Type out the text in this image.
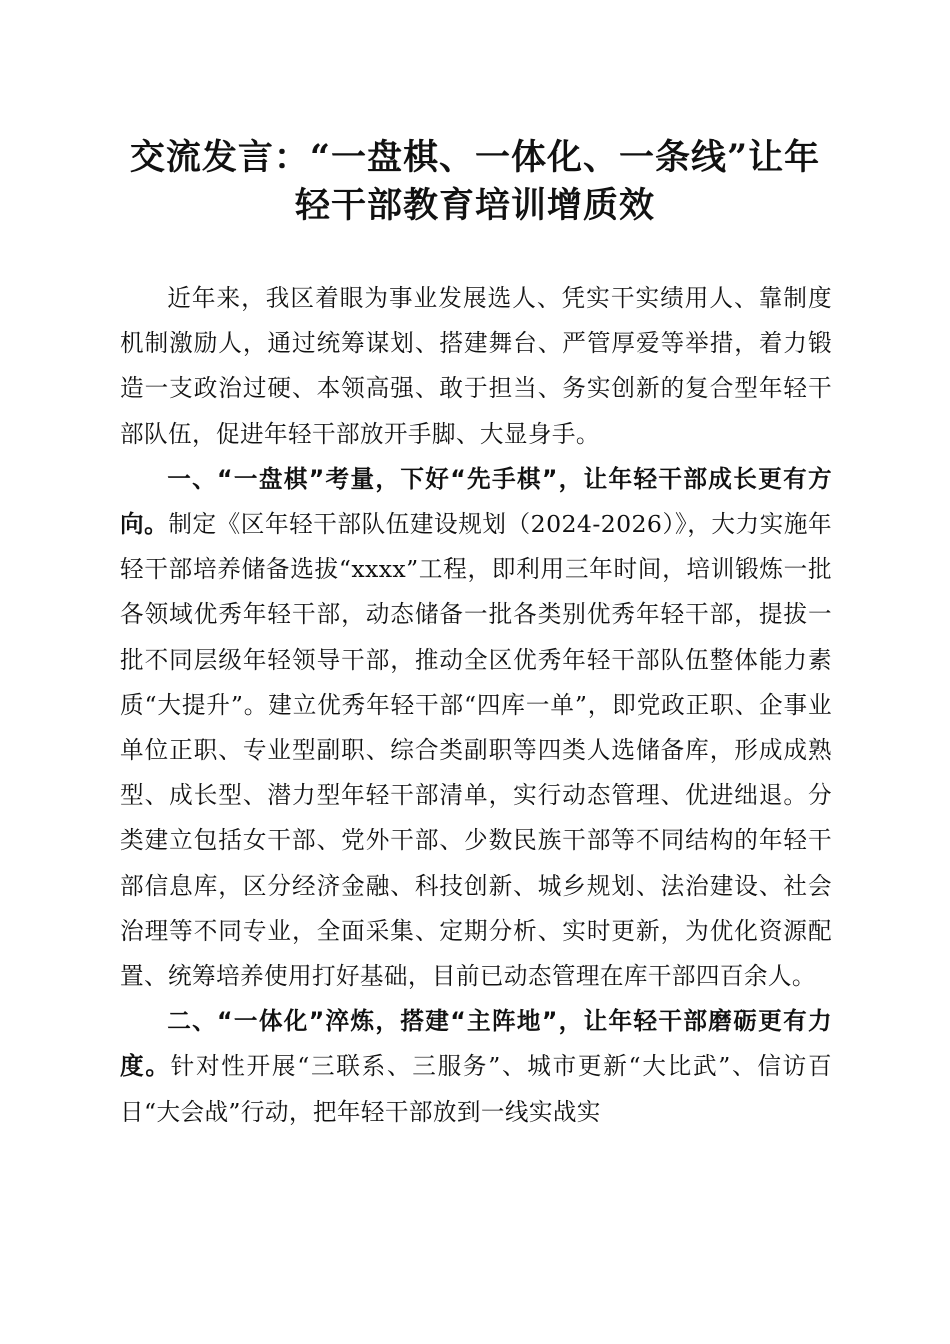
交流发言：“一盘棋、一体化、一条线”让年
轻干部教育培训增质效

近年来，我区着眼为事业发展选人、凭实干实绩用人、靠制度机制激励人，通过统筹谋划、搭建舞台、严管厚爱等举措，着力锻造一支政治过硬、本领高强、敢于担当、务实创新的复合型年轻干部队伍，促进年轻干部放开手脚、大显身手。

一、“一盘棋”考量，下好“先手棋”，让年轻干部成长更有方向。制定《区年轻干部队伍建设规划（2024-2026）》，大力实施年轻干部培养储备选拔“xxxx”工程，即利用三年时间，培训锻炼一批各领域优秀年轻干部，动态储备一批各类别优秀年轻干部，提拔一批不同层级年轻领导干部，推动全区优秀年轻干部队伍整体能力素质“大提升”。建立优秀年轻干部“四库一单”，即党政正职、企事业单位正职、专业型副职、综合类副职等四类人选储备库，形成成熟型、成长型、潜力型年轻干部清单，实行动态管理、优进绌退。分类建立包括女干部、党外干部、少数民族干部等不同结构的年轻干部信息库，区分经济金融、科技创新、城乡规划、法治建设、社会治理等不同专业，全面采集、定期分析、实时更新，为优化资源配置、统筹培养使用打好基础，目前已动态管理在库干部四百余人。

二、“一体化”淬炼，搭建“主阵地”，让年轻干部磨砺更有力度。针对性开展“三联系、三服务”、城市更新“大比武”、信访百日“大会战”行动，把年轻干部放到一线实战实
